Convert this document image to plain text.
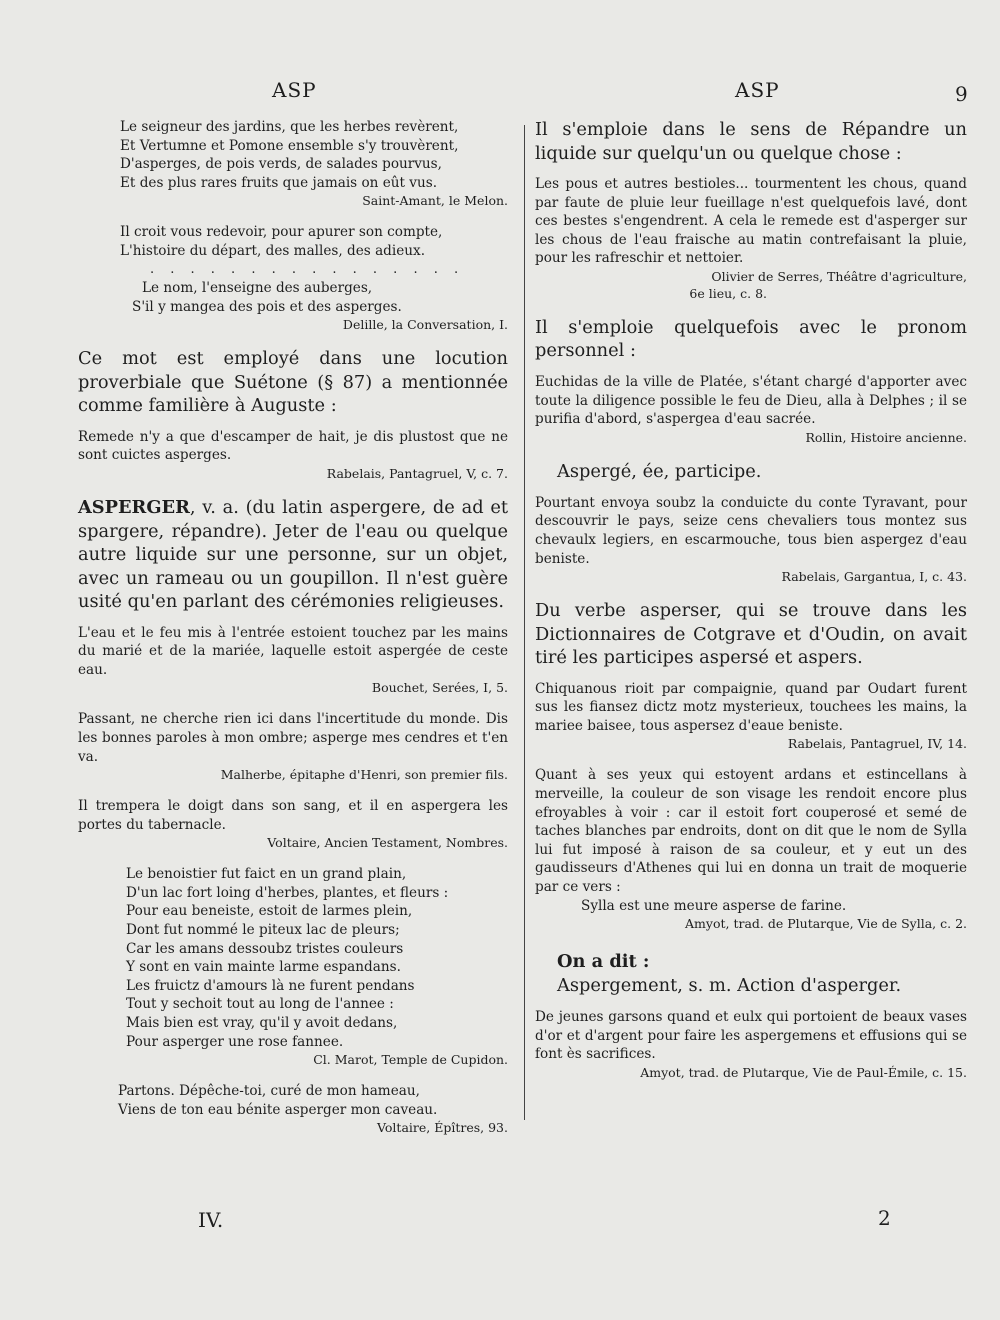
ASP	ASP	9
Le seigneur des jardins, que les herbes revèrent,
Et Vertumne et Pomone ensemble s'y trouvèrent,
D'asperges, de pois verds, de salades pourvus,
Et des plus rares fruits que jamais on eût vus.
Saint-Amant, le Melon.
Il croit vous redevoir, pour apurer son compte,
L'histoire du départ, des malles, des adieux.
. . . . . . . . . . . . . . . .
Le nom, l'enseigne des auberges,
S'il y mangea des pois et des asperges.
Delille, la Conversation, I.

Ce mot est employé dans une locution proverbiale que Suétone (§ 87) a mentionnée comme familière à Auguste :

Remede n'y a que d'escamper de hait, je dis plustost que ne sont cuictes asperges.

Rabelais, Pantagruel, V, c. 7.

ASPERGER, v. a. (du latin aspergere, de ad et spargere, répandre). Jeter de l'eau ou quelque autre liquide sur une personne, sur un objet, avec un rameau ou un goupillon. Il n'est guère usité qu'en parlant des cérémonies religieuses.

L'eau et le feu mis à l'entrée estoient touchez par les mains du marié et de la mariée, laquelle estoit aspergée de ceste eau.

Bouchet, Serées, I, 5.

Passant, ne cherche rien ici dans l'incertitude du monde. Dis les bonnes paroles à mon ombre; asperge mes cendres et t'en va.

Malherbe, épitaphe d'Henri, son premier fils.

Il trempera le doigt dans son sang, et il en aspergera les portes du tabernacle.

Voltaire, Ancien Testament, Nombres.
Le benoistier fut faict en un grand plain,
D'un lac fort loing d'herbes, plantes, et fleurs :
Pour eau beneiste, estoit de larmes plein,
Dont fut nommé le piteux lac de pleurs;
Car les amans dessoubz tristes couleurs
Y sont en vain mainte larme espandans.
Les fruictz d'amours là ne furent pendans
Tout y sechoit tout au long de l'annee :
Mais bien est vray, qu'il y avoit dedans,
Pour asperger une rose fannee.
Cl. Marot, Temple de Cupidon.
Partons. Dépêche-toi, curé de mon hameau,
Viens de ton eau bénite asperger mon caveau.
Voltaire, Épîtres, 93.
IV.

Il s'emploie dans le sens de Répandre un liquide sur quelqu'un ou quelque chose :

Les pous et autres bestioles... tourmentent les chous, quand par faute de pluie leur fueillage n'est quelquefois lavé, dont ces bestes s'engendrent. A cela le remede est d'asperger sur les chous de l'eau fraische au matin contrefaisant la pluie, pour les rafreschir et nettoier.

Olivier de Serres, Théâtre d'agriculture,
6e lieu, c. 8.

Il s'emploie quelquefois avec le pronom personnel :

Euchidas de la ville de Platée, s'étant chargé d'apporter avec toute la diligence possible le feu de Dieu, alla à Delphes ; il se purifia d'abord, s'aspergea d'eau sacrée.

Rollin, Histoire ancienne.

Aspergé, ée, participe.

Pourtant envoya soubz la conduicte du conte Tyravant, pour descouvrir le pays, seize cens chevaliers tous montez sus chevaulx legiers, en escarmouche, tous bien aspergez d'eau beniste.

Rabelais, Gargantua, I, c. 43.

Du verbe asperser, qui se trouve dans les Dictionnaires de Cotgrave et d'Oudin, on avait tiré les participes aspersé et aspers.

Chiquanous rioit par compaignie, quand par Oudart furent sus les fiansez dictz motz mysterieux, touchees les mains, la mariee baisee, tous aspersez d'eaue beniste.

Rabelais, Pantagruel, IV, 14.

Quant à ses yeux qui estoyent ardans et estincellans à merveille, la couleur de son visage les rendoit encore plus efroyables à voir : car il estoit fort couperosé et semé de taches blanches par endroits, dont on dit que le nom de Sylla lui fut imposé à raison de sa couleur, et y eut un des gaudisseurs d'Athenes qui lui en donna un trait de moquerie par ce vers :

Sylla est une meure asperse de farine.
Amyot, trad. de Plutarque, Vie de Sylla, c. 2.

On a dit :

Aspergement, s. m. Action d'asperger.

De jeunes garsons quand et eulx qui portoient de beaux vases d'or et d'argent pour faire les aspergemens et effusions qui se font ès sacrifices.

Amyot, trad. de Plutarque, Vie de Paul-Émile, c. 15.
2
